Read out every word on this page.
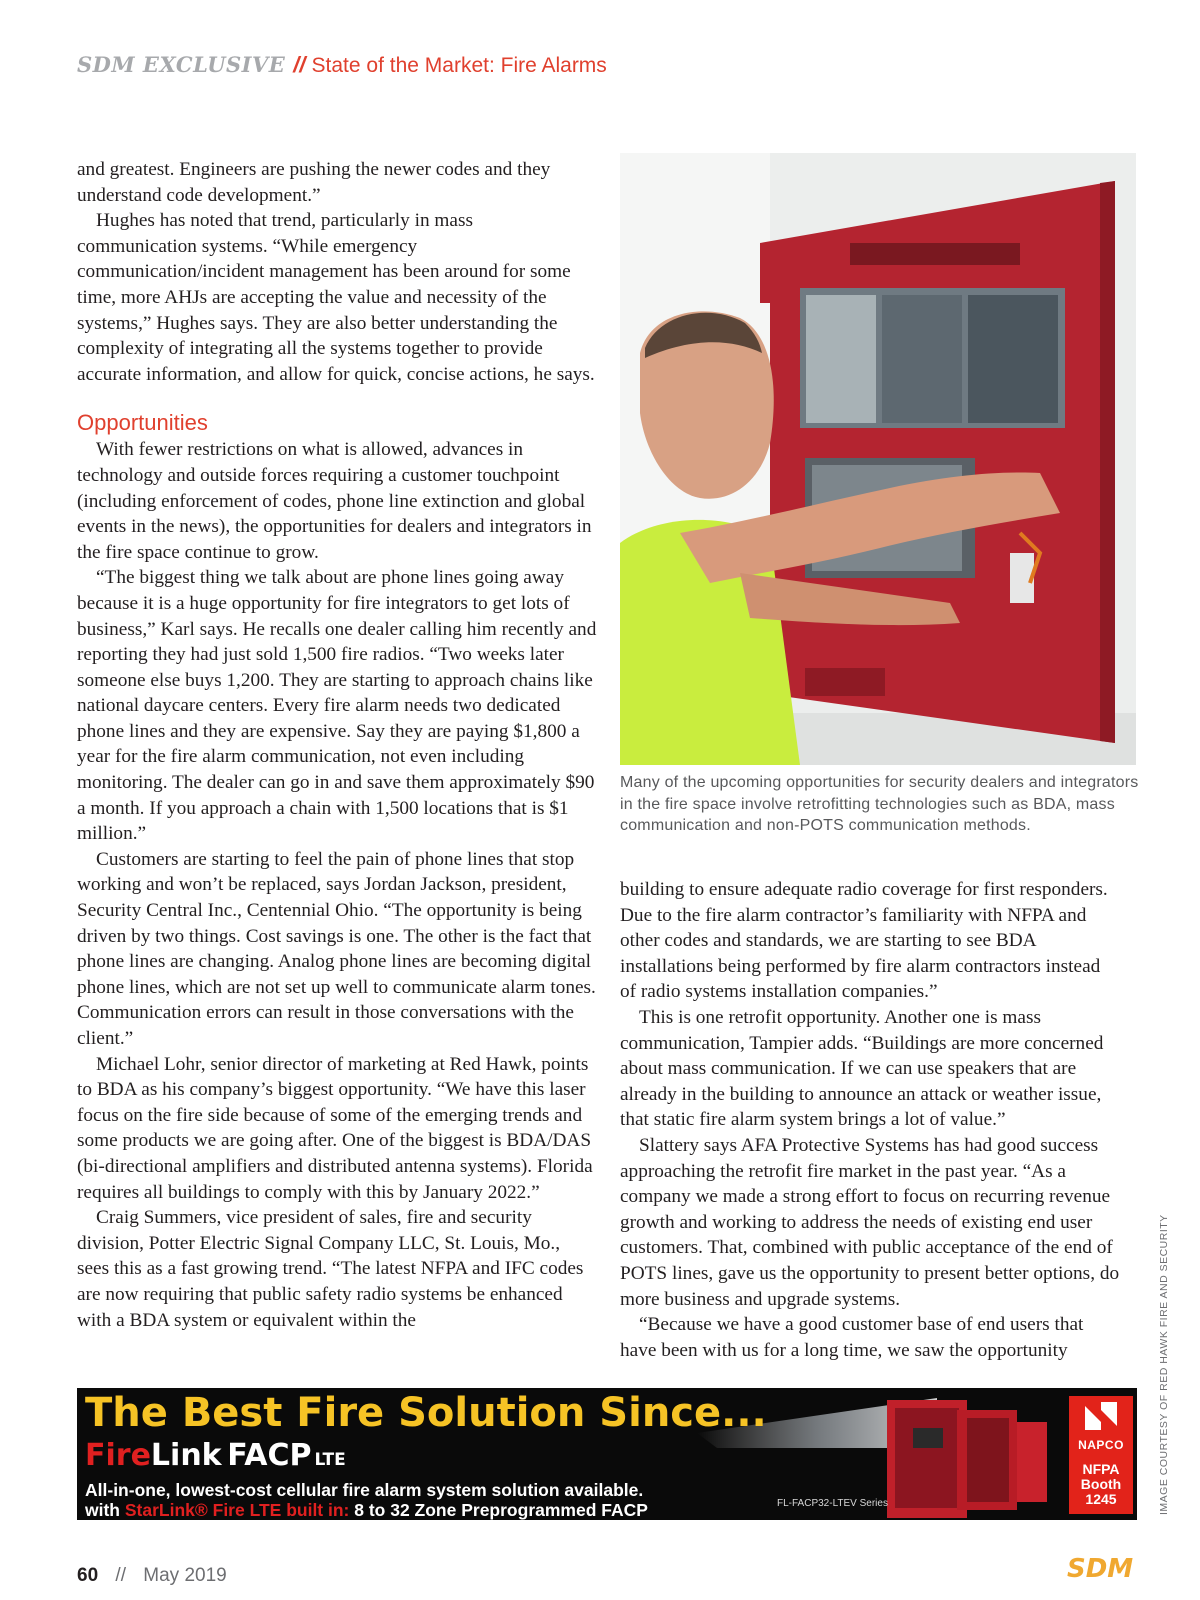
SDM EXCLUSIVE // State of the Market: Fire Alarms

and greatest. Engineers are pushing the newer codes and they understand code development.”

Hughes has noted that trend, particularly in mass communication systems. “While emergency communication/incident management has been around for some time, more AHJs are accepting the value and necessity of the systems,” Hughes says. They are also better understanding the complexity of integrating all the systems together to provide accurate information, and allow for quick, concise actions, he says.

Opportunities

With fewer restrictions on what is allowed, advances in technology and outside forces requiring a customer touchpoint (including enforcement of codes, phone line extinction and global events in the news), the opportunities for dealers and integrators in the fire space continue to grow.

“The biggest thing we talk about are phone lines going away because it is a huge opportunity for fire integrators to get lots of business,” Karl says. He recalls one dealer calling him recently and reporting they had just sold 1,500 fire radios. “Two weeks later someone else buys 1,200. They are starting to approach chains like national daycare centers. Every fire alarm needs two dedicated phone lines and they are expensive. Say they are paying $1,800 a year for the fire alarm communication, not even including monitoring. The dealer can go in and save them approximately $90 a month. If you approach a chain with 1,500 locations that is $1 million.”

Customers are starting to feel the pain of phone lines that stop working and won’t be replaced, says Jordan Jackson, president, Security Central Inc., Centennial Ohio. “The opportunity is being driven by two things. Cost savings is one. The other is the fact that phone lines are changing. Analog phone lines are becoming digital phone lines, which are not set up well to communicate alarm tones. Communication errors can result in those conversations with the client.”

Michael Lohr, senior director of marketing at Red Hawk, points to BDA as his company’s biggest opportunity. “We have this laser focus on the fire side because of some of the emerging trends and some products we are going after. One of the biggest is BDA/DAS (bi-directional amplifiers and distributed antenna systems). Florida requires all buildings to comply with this by January 2022.”

Craig Summers, vice president of sales, fire and security division, Potter Electric Signal Company LLC, St. Louis, Mo., sees this as a fast growing trend. “The latest NFPA and IFC codes are now requiring that public safety radio systems be enhanced with a BDA system or equivalent within the

Many of the upcoming opportunities for security dealers and integrators in the fire space involve retrofitting technologies such as BDA, mass communication and non-POTS communication methods.
IMAGE COURTESY OF RED HAWK FIRE AND SECURITY

building to ensure adequate radio coverage for first responders. Due to the fire alarm contractor’s familiarity with NFPA and other codes and standards, we are starting to see BDA installations being performed by fire alarm contractors instead of radio systems installation companies.”

This is one retrofit opportunity. Another one is mass communication, Tampier adds. “Buildings are more concerned about mass communication. If we can use speakers that are already in the building to announce an attack or weather issue, that static fire alarm system brings a lot of value.”

Slattery says AFA Protective Systems has had good success approaching the retrofit fire market in the past year. “As a company we made a strong effort to focus on recurring revenue growth and working to address the needs of existing end user customers. That, combined with public acceptance of the end of POTS lines, gave us the opportunity to present better options, do more business and upgrade systems.

“Because we have a good customer base of end users that have been with us for a long time, we saw the opportunity

The Best Fire Solution Since...
FireLink FACP LTE
All-in-one, lowest-cost cellular fire alarm system solution available.
with StarLink® Fire LTE built in: 8 to 32 Zone Preprogrammed FACP	FL-FACP32-LTEV Series
NAPCO
NFPA Booth 1245
60 // May 2019	SDM
